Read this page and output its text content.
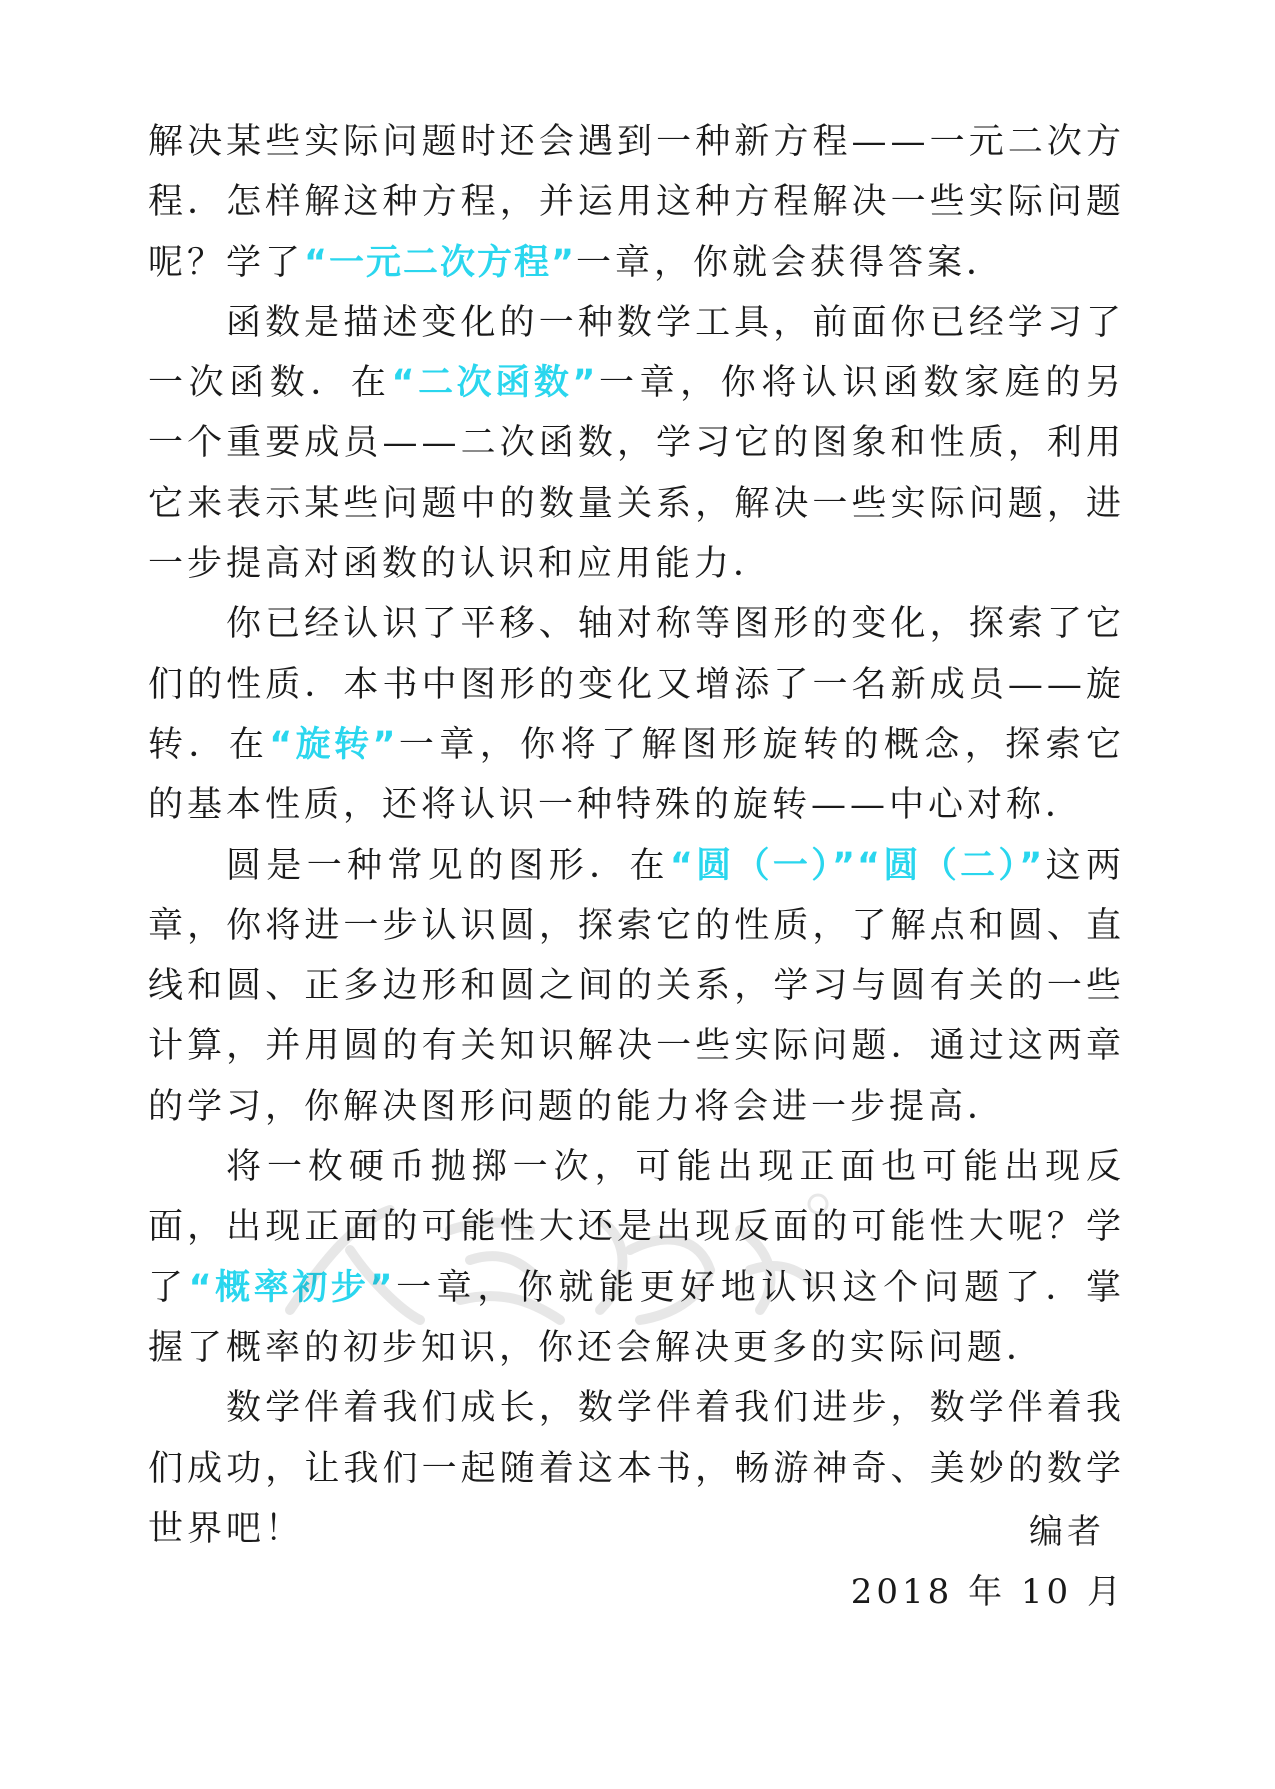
解决某些实际问题时还会遇到一种新方程——一元二次方程．怎样解这种方程，并运用这种方程解决一些实际问题呢？学了“一元二次方程”一章，你就会获得答案．

函数是描述变化的一种数学工具，前面你已经学习了一次函数．在“二次函数”一章，你将认识函数家庭的另一个重要成员——二次函数，学习它的图象和性质，利用它来表示某些问题中的数量关系，解决一些实际问题，进一步提高对函数的认识和应用能力．

你已经认识了平移、轴对称等图形的变化，探索了它们的性质．本书中图形的变化又增添了一名新成员——旋转．在“旋转”一章，你将了解图形旋转的概念，探索它的基本性质，还将认识一种特殊的旋转——中心对称．

圆是一种常见的图形．在“圆（一）”“圆（二）”这两章，你将进一步认识圆，探索它的性质，了解点和圆、直线和圆、正多边形和圆之间的关系，学习与圆有关的一些计算，并用圆的有关知识解决一些实际问题．通过这两章的学习，你解决图形问题的能力将会进一步提高．

将一枚硬币抛掷一次，可能出现正面也可能出现反面，出现正面的可能性大还是出现反面的可能性大呢？学了“概率初步”一章，你就能更好地认识这个问题了．掌握了概率的初步知识，你还会解决更多的实际问题．

数学伴着我们成长，数学伴着我们进步，数学伴着我们成功，让我们一起随着这本书，畅游神奇、美妙的数学世界吧！	编者
2018 年 10 月
